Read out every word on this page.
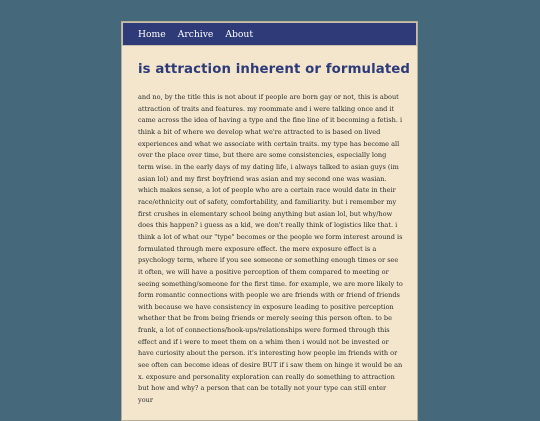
Home Archive About
is attraction inherent or formulated

and no, by the title this is not about if people are born gay or not, this is about attraction of traits and features. my roommate and i were talking once and it came across the idea of having a type and the fine line of it becoming a fetish. i think a bit of where we develop what we're attracted to is based on lived experiences and what we associate with certain traits. my type has become all over the place over time, but there are some consistencies, especially long term wise. in the early days of my dating life, i always talked to asian guys (im asian lol) and my first boyfriend was asian and my second one was wasian. which makes sense, a lot of people who are a certain race would date in their race/ethnicity out of safety, comfortability, and familiarity. but i remember my first crushes in elementary school being anything but asian lol, but why/how does this happen? i guess as a kid, we don't really think of logistics like that. i think a lot of what our "type" becomes or the people we form interest around is formulated through mere exposure effect. the mere exposure effect is a psychology term, where if you see someone or something enough times or see it often, we will have a positive perception of them compared to meeting or seeing something/someone for the first time. for example, we are more likely to form romantic connections with people we are friends with or friend of friends with because we have consistency in exposure leading to positive perception whether that be from being friends or merely seeing this person often. to be frank, a lot of connections/hook-ups/relationships were formed through this effect and if i were to meet them on a whim then i would not be invested or have curiosity about the person. it's interesting how people im friends with or see often can become ideas of desire BUT if i saw them on hinge it would be an x. exposure and personality exploration can really do something to attraction but how and why? a person that can be totally not your type can still enter your
